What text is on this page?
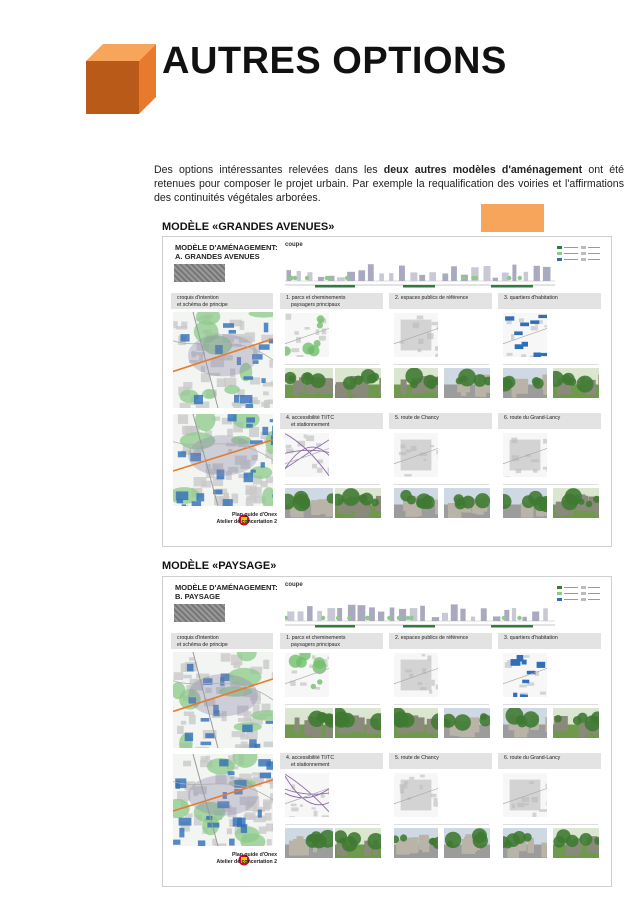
AUTRES OPTIONS
Des options intéressantes relevées dans les deux autres modèles d'aménagement ont été retenues pour composer le projet urbain. Par exemple la requalification des voiries et l'affirmations des continuités végétales arborées.
MODÈLE «GRANDES AVENUES»
MODÈLE «PAYSAGE»
MODÈLE D'AMÉNAGEMENT:
A. GRANDES AVENUES
coupe
croquis d'intention
et schéma de principe
Plan guide d'Onex
Atelier de concertation 2
1. parcs et cheminements
paysagers principaux
2. espaces publics de référence	3. quartiers d'habitation
4. accessibilité TI/TC
et stationnement
5. route de Chancy	6. route du Grand-Lancy
MODÈLE D'AMÉNAGEMENT:
B. PAYSAGE
coupe
croquis d'intention
et schéma de principe
Plan guide d'Onex
Atelier de concertation 2
1. parcs et cheminements
paysagers principaux
2. espaces publics de référence	3. quartiers d'habitation
4. accessibilité TI/TC
et stationnement
5. route de Chancy	6. route du Grand-Lancy
